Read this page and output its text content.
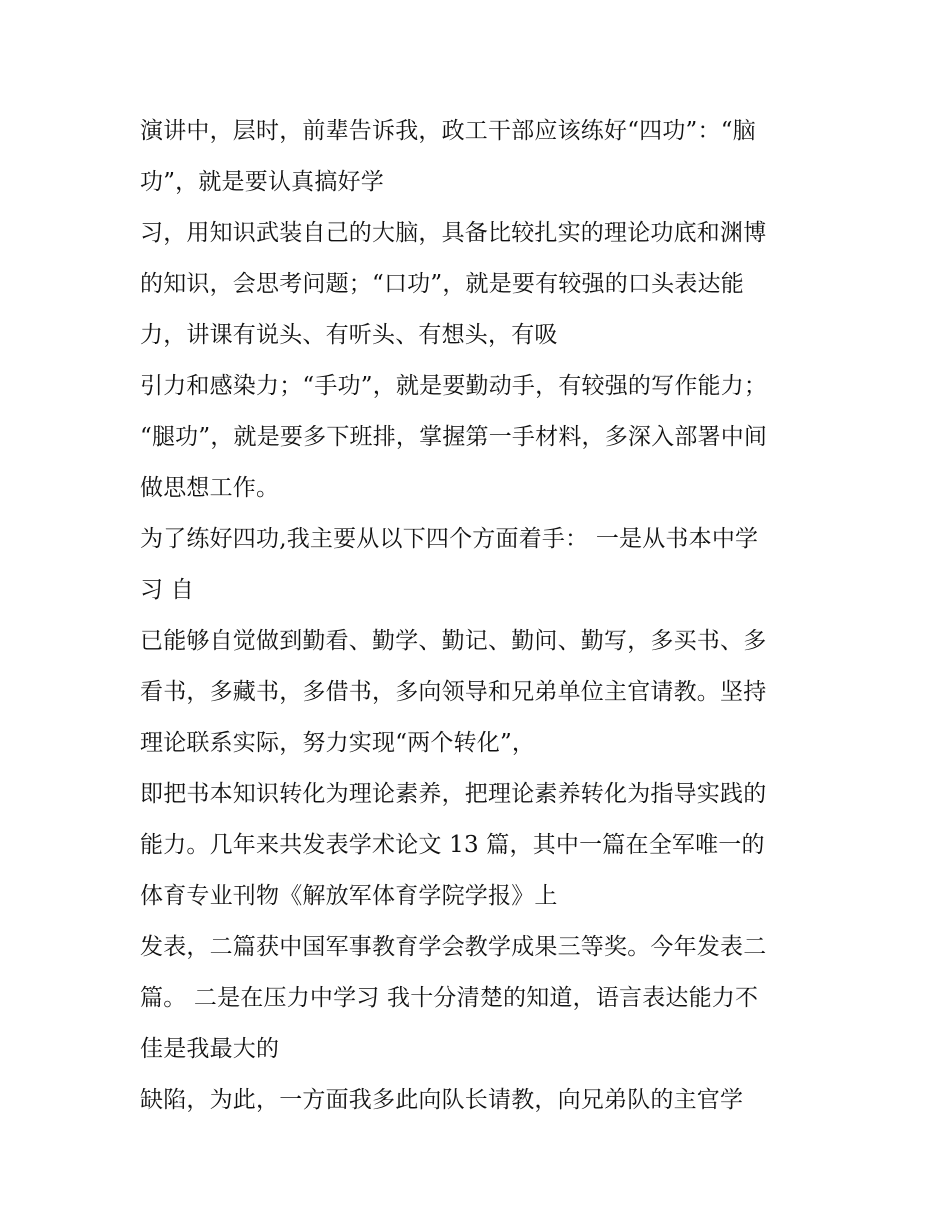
演讲中，层时，前辈告诉我，政工干部应该练好“四功”：“脑
功”，就是要认真搞好学
习，用知识武装自己的大脑，具备比较扎实的理论功底和渊博
的知识，会思考问题；“口功”，就是要有较强的口头表达能
力，讲课有说头、有听头、有想头，有吸
引力和感染力；“手功”，就是要勤动手，有较强的写作能力；
“腿功”，就是要多下班排，掌握第一手材料，多深入部署中间
做思想工作。
为了练好四功,我主要从以下四个方面着手： 一是从书本中学
习 自
已能够自觉做到勤看、勤学、勤记、勤问、勤写，多买书、多
看书，多藏书，多借书，多向领导和兄弟单位主官请教。坚持
理论联系实际，努力实现“两个转化”，
即把书本知识转化为理论素养，把理论素养转化为指导实践的
能力。几年来共发表学术论文 13 篇，其中一篇在全军唯一的
体育专业刊物《解放军体育学院学报》上
发表，二篇获中国军事教育学会教学成果三等奖。今年发表二
篇。 二是在压力中学习 我十分清楚的知道，语言表达能力不
佳是我最大的
缺陷，为此，一方面我多此向队长请教，向兄弟队的主官学
